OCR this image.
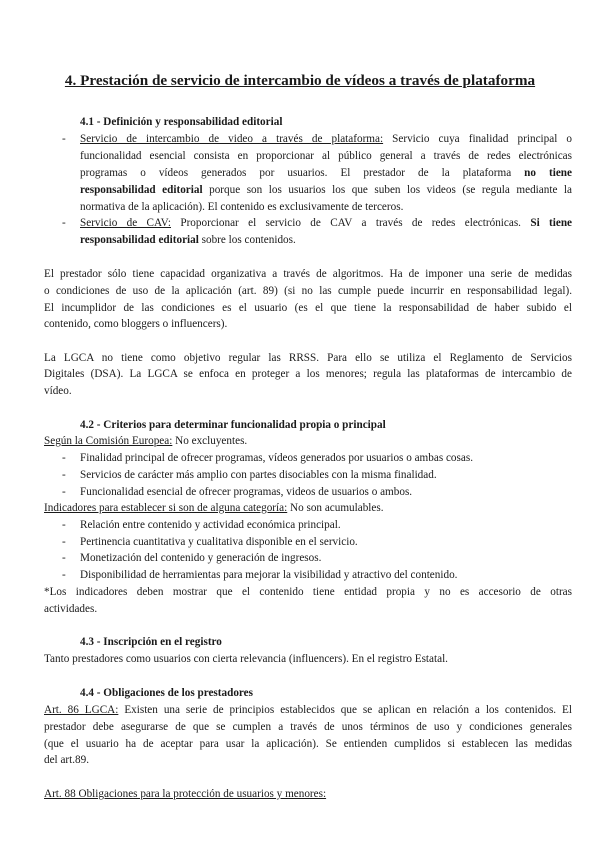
4. Prestación de servicio de intercambio de vídeos a través de plataforma
4.1 - Definición y responsabilidad editorial
- Servicio de intercambio de video a través de plataforma: Servicio cuya finalidad principal o
funcionalidad esencial consista en proporcionar al público general a través de redes electrónicas
programas o vídeos generados por usuarios. El prestador de la plataforma no tiene
responsabilidad editorial porque son los usuarios los que suben los videos (se regula mediante la
normativa de la aplicación). El contenido es exclusivamente de terceros.
- Servicio de CAV: Proporcionar el servicio de CAV a través de redes electrónicas. Si tiene
responsabilidad editorial sobre los contenidos.
El prestador sólo tiene capacidad organizativa a través de algoritmos. Ha de imponer una serie de medidas
o condiciones de uso de la aplicación (art. 89) (si no las cumple puede incurrir en responsabilidad legal).
El incumplidor de las condiciones es el usuario (es el que tiene la responsabilidad de haber subido el
contenido, como bloggers o influencers).
La LGCA no tiene como objetivo regular las RRSS. Para ello se utiliza el Reglamento de Servicios
Digitales (DSA). La LGCA se enfoca en proteger a los menores; regula las plataformas de intercambio de
vídeo.
4.2 - Criterios para determinar funcionalidad propia o principal
Según la Comisión Europea: No excluyentes.
- Finalidad principal de ofrecer programas, vídeos generados por usuarios o ambas cosas.
- Servicios de carácter más amplio con partes disociables con la misma finalidad.
- Funcionalidad esencial de ofrecer programas, videos de usuarios o ambos.
Indicadores para establecer si son de alguna categoría: No son acumulables.
- Relación entre contenido y actividad económica principal.
- Pertinencia cuantitativa y cualitativa disponible en el servicio.
- Monetización del contenido y generación de ingresos.
- Disponibilidad de herramientas para mejorar la visibilidad y atractivo del contenido.
*Los indicadores deben mostrar que el contenido tiene entidad propia y no es accesorio de otras
actividades.
4.3 - Inscripción en el registro
Tanto prestadores como usuarios con cierta relevancia (influencers). En el registro Estatal.
4.4 - Obligaciones de los prestadores
Art. 86 LGCA: Existen una serie de principios establecidos que se aplican en relación a los contenidos. El
prestador debe asegurarse de que se cumplen a través de unos términos de uso y condiciones generales
(que el usuario ha de aceptar para usar la aplicación). Se entienden cumplidos si establecen las medidas
del art.89.
Art. 88 Obligaciones para la protección de usuarios y menores:
